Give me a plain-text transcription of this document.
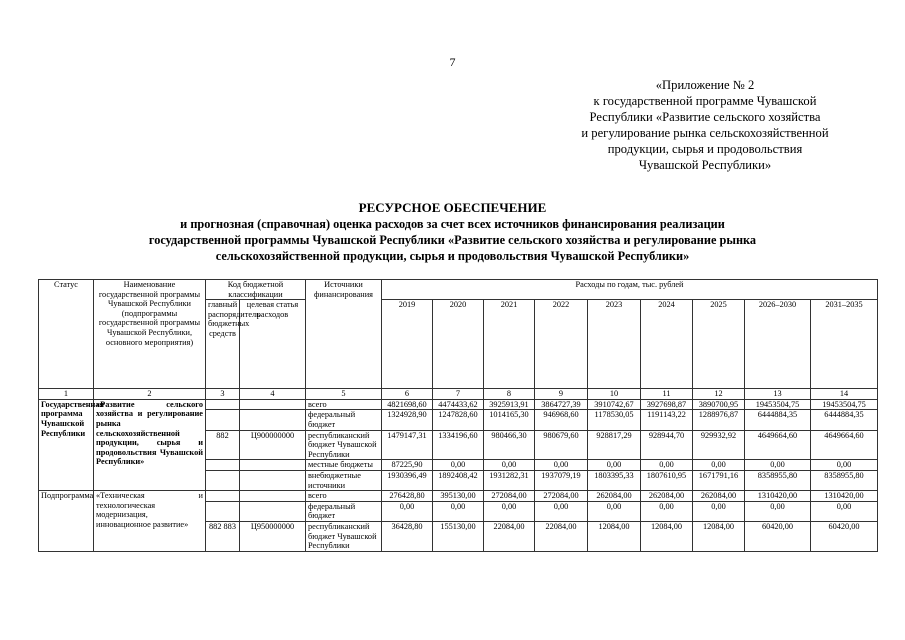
7
«Приложение № 2
к государственной программе Чувашской
Республики «Развитие сельского хозяйства
и регулирование рынка сельскохозяйственной
продукции, сырья и продовольствия
Чувашской Республики»
РЕСУРСНОЕ ОБЕСПЕЧЕНИЕ
и прогнозная (справочная) оценка расходов за счет всех источников финансирования реализации
государственной программы Чувашской Республики «Развитие сельского хозяйства и регулирование рынка
сельскохозяйственной продукции, сырья и продовольствия Чувашской Республики»
Статус	Наименование государственной программы Чувашской Республики (подпрограммы государственной программы Чувашской Республики, основного мероприятия)	Код бюджетной классификации		Источники финансирования	Расходы по годам, тыс. рублей								
		главный распорядитель бюджетных средств	целевая статья расходов		2019	2020	2021	2022	2023	2024	2025	2026–2030	2031–2035

1	2	3	4	5	6	7	8	9	10	11	12	13	14
Государственная программа Чувашской Республики	«Развитие сельского хозяйства и регулирование рынка сельскохозяйственной продукции, сырья и продовольствия Чувашской Республики»			всего	4821698,60	4474433,62	3925913,91	3864727,39	3910742,67	3927698,87	3890700,95	19453504,75	19453504,75
				федеральный бюджет	1324928,90	1247828,60	1014165,30	946968,60	1178530,05	1191143,22	1288976,87	6444884,35	6444884,35
		882	Ц900000000	республиканский бюджет Чувашской Республики	1479147,31	1334196,60	980466,30	980679,60	928817,29	928944,70	929932,92	4649664,60	4649664,60
				местные бюджеты	87225,90	0,00	0,00	0,00	0,00	0,00	0,00	0,00	0,00
				внебюджетные источники	1930396,49	1892408,42	1931282,31	1937079,19	1803395,33	1807610,95	1671791,16	8358955,80	8358955,80
Подпрограмма	«Техническая и технологическая модернизация, инновационное развитие»			всего	276428,80	395130,00	272084,00	272084,00	262084,00	262084,00	262084,00	1310420,00	1310420,00
				федеральный бюджет	0,00	0,00	0,00	0,00	0,00	0,00	0,00	0,00	0,00
		882 883	Ц950000000	республиканский бюджет Чувашской Республики	36428,80	155130,00	22084,00	22084,00	12084,00	12084,00	12084,00	60420,00	60420,00
